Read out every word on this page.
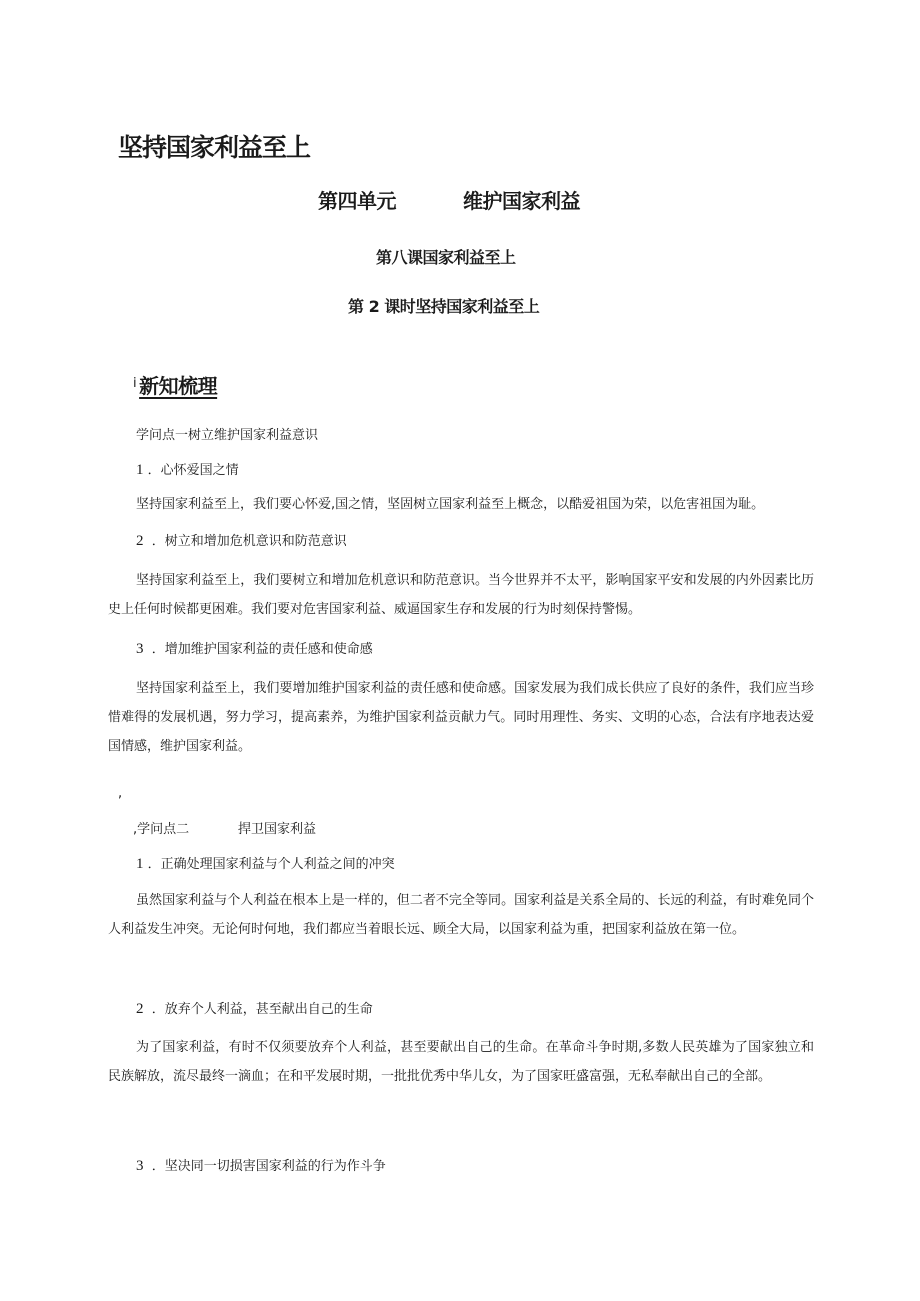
坚持国家利益至上
第四单元	维护国家利益
第八课国家利益至上
第 2 课时坚持国家利益至上
$^i$ 新知梳理
学问点一树立维护国家利益意识
1 ．心怀爱国之情
坚持国家利益至上，我们要心怀爱,国之情，坚固树立国家利益至上概念，以酷爱祖国为荣，以危害祖国为耻。
2 ．树立和增加危机意识和防范意识
坚持国家利益至上，我们要树立和增加危机意识和防范意识。当今世界并不太平，影响国家平安和发展的内外因素比历史上任何时候都更困难。我们要对危害国家利益、威逼国家生存和发展的行为时刻保持警惕。
3 ．增加维护国家利益的责任感和使命感
坚持国家利益至上，我们要增加维护国家利益的责任感和使命感。国家发展为我们成长供应了良好的条件，我们应当珍惜难得的发展机遇，努力学习，提高素养，为维护国家利益贡献力气。同时用理性、务实、文明的心态，合法有序地表达爱国情感，维护国家利益。
,
,学问点二	捍卫国家利益
1 ．正确处理国家利益与个人利益之间的冲突
虽然国家利益与个人利益在根本上是一样的，但二者不完全等同。国家利益是关系全局的、长远的利益，有时难免同个人利益发生冲突。无论何时何地，我们都应当着眼长远、顾全大局，以国家利益为重，把国家利益放在第一位。
2 ．放弃个人利益，甚至献出自己的生命
为了国家利益，有时不仅须要放弃个人利益，甚至要献出自己的生命。在革命斗争时期,多数人民英雄为了国家独立和民族解放，流尽最终一滴血；在和平发展时期，一批批优秀中华儿女，为了国家旺盛富强，无私奉献出自己的全部。
3 ．坚决同一切损害国家利益的行为作斗争
